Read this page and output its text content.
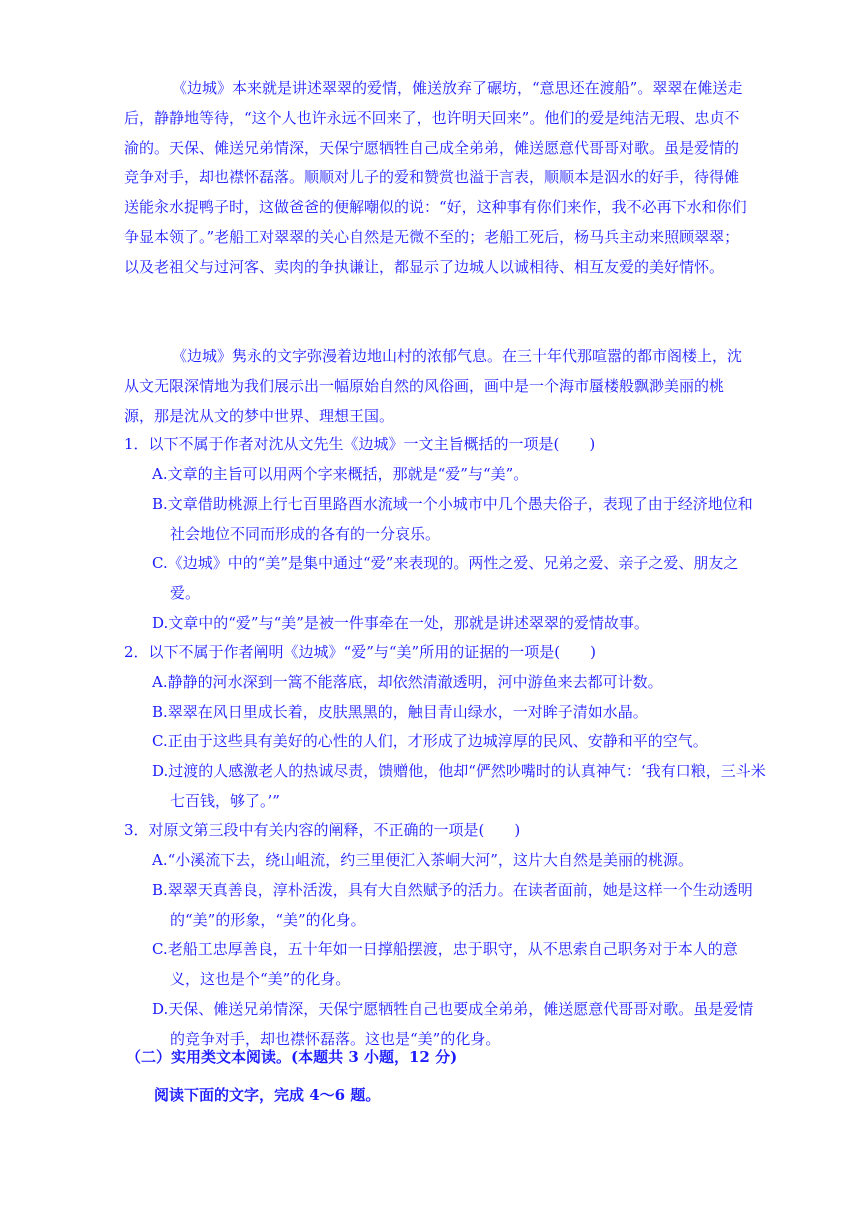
《边城》本来就是讲述翠翠的爱情，傩送放弃了碾坊，“意思还在渡船”。翠翠在傩送走后，静静地等待，“这个人也许永远不回来了，也许明天回来”。他们的爱是纯洁无瑕、忠贞不渝的。天保、傩送兄弟情深，天保宁愿牺牲自己成全弟弟，傩送愿意代哥哥对歌。虽是爱情的竞争对手，却也襟怀磊落。顺顺对儿子的爱和赞赏也溢于言表，顺顺本是泅水的好手，待得傩送能汆水捉鸭子时，这做爸爸的便解嘲似的说：“好，这种事有你们来作，我不必再下水和你们争显本领了。”老船工对翠翠的关心自然是无微不至的；老船工死后，杨马兵主动来照顾翠翠；以及老祖父与过河客、卖肉的争执谦让，都显示了边城人以诚相待、相互友爱的美好情怀。

《边城》隽永的文字弥漫着边地山村的浓郁气息。在三十年代那喧嚣的都市阁楼上，沈从文无限深情地为我们展示出一幅原始自然的风俗画，画中是一个海市蜃楼般飘渺美丽的桃源，那是沈从文的梦中世界、理想王国。

1．以下不属于作者对沈从文先生《边城》一文主旨概括的一项是(　　)

A.文章的主旨可以用两个字来概括，那就是“爱”与“美”。

B.文章借助桃源上行七百里路酉水流域一个小城市中几个愚夫俗子，表现了由于经济地位和社会地位不同而形成的各有的一分哀乐。

C.《边城》中的“美”是集中通过“爱”来表现的。两性之爱、兄弟之爱、亲子之爱、朋友之爱。

D.文章中的“爱”与“美”是被一件事牵在一处，那就是讲述翠翠的爱情故事。

2．以下不属于作者阐明《边城》“爱”与“美”所用的证据的一项是(　　)

A.静静的河水深到一篙不能落底，却依然清澈透明，河中游鱼来去都可计数。

B.翠翠在风日里成长着，皮肤黑黑的，触目青山绿水，一对眸子清如水晶。

C.正由于这些具有美好的心性的人们，才形成了边城淳厚的民风、安静和平的空气。

D.过渡的人感激老人的热诚尽责，馈赠他，他却“俨然吵嘴时的认真神气：‘我有口粮，三斗米七百钱，够了。’”

3．对原文第三段中有关内容的阐释，不正确的一项是(　　)

A.“小溪流下去，绕山岨流，约三里便汇入茶峒大河”，这片大自然是美丽的桃源。

B.翠翠天真善良，淳朴活泼，具有大自然赋予的活力。在读者面前，她是这样一个生动透明的“美”的形象，“美”的化身。

C.老船工忠厚善良，五十年如一日撑船摆渡，忠于职守，从不思索自己职务对于本人的意义，这也是个“美”的化身。

D.天保、傩送兄弟情深，天保宁愿牺牲自己也要成全弟弟，傩送愿意代哥哥对歌。虽是爱情的竞争对手，却也襟怀磊落。这也是“美”的化身。

（二）实用类文本阅读。(本题共 3 小题，12 分)

阅读下面的文字，完成 4～6 题。
